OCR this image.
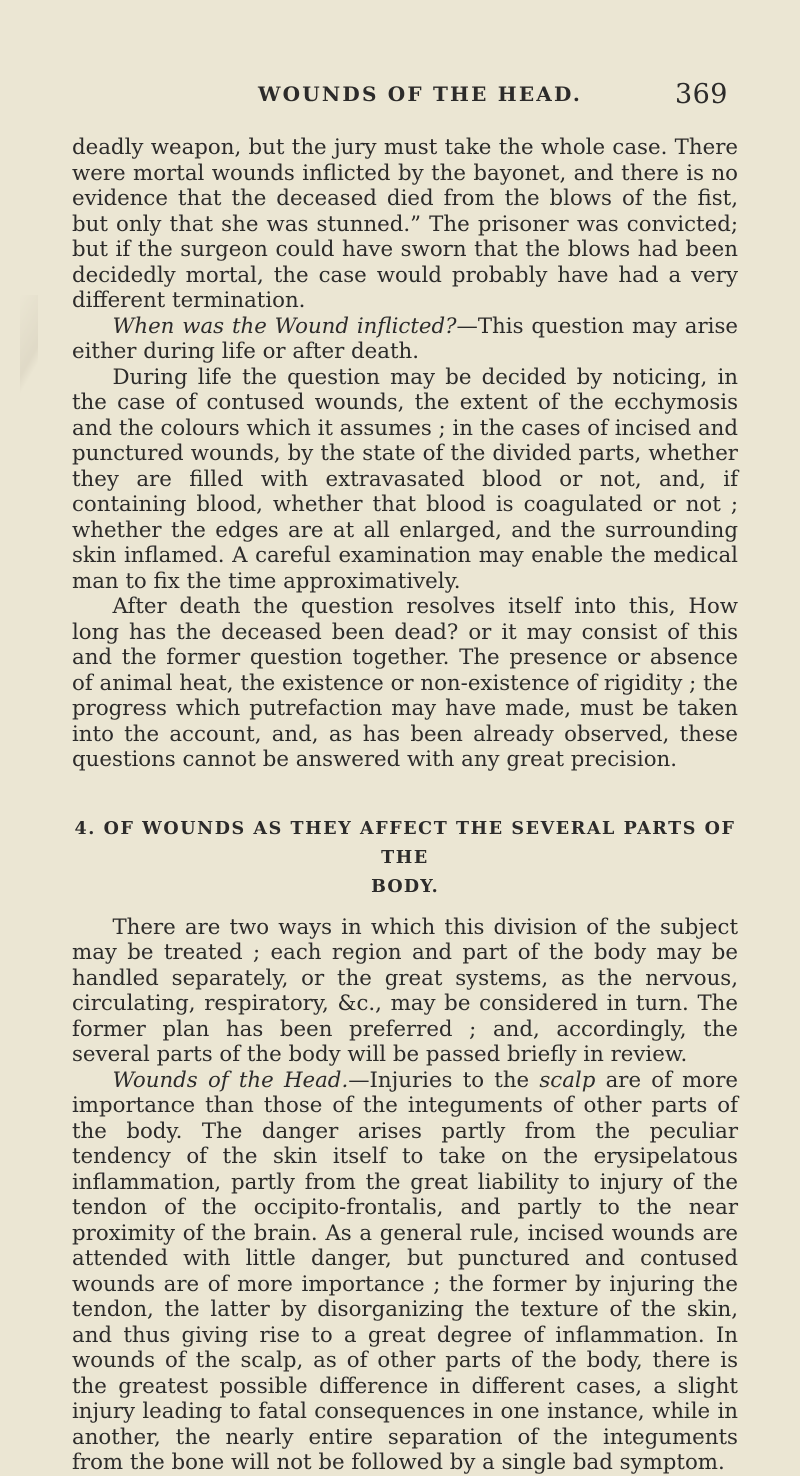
WOUNDS OF THE HEAD.	369

deadly weapon, but the jury must take the whole case. There were mortal wounds inflicted by the bayonet, and there is no evidence that the deceased died from the blows of the fist, but only that she was stunned.” The prisoner was convicted; but if the surgeon could have sworn that the blows had been decidedly mortal, the case would probably have had a very different termination.

When was the Wound inflicted?—This question may arise either during life or after death.

During life the question may be decided by noticing, in the case of contused wounds, the extent of the ecchymosis and the colours which it assumes ; in the cases of incised and punctured wounds, by the state of the divided parts, whether they are filled with extravasated blood or not, and, if containing blood, whether that blood is coagulated or not ; whether the edges are at all enlarged, and the surrounding skin inflamed. A careful examination may enable the medical man to fix the time approximatively.

After death the question resolves itself into this, How long has the deceased been dead? or it may consist of this and the former question together. The presence or absence of animal heat, the existence or non-existence of rigidity ; the progress which putrefaction may have made, must be taken into the account, and, as has been already observed, these questions cannot be answered with any great precision.

4. OF WOUNDS AS THEY AFFECT THE SEVERAL PARTS OF THE
BODY.

There are two ways in which this division of the subject may be treated ; each region and part of the body may be handled separately, or the great systems, as the nervous, circulating, respiratory, &c., may be considered in turn. The former plan has been preferred ; and, accordingly, the several parts of the body will be passed briefly in review.

Wounds of the Head.—Injuries to the scalp are of more importance than those of the integuments of other parts of the body. The danger arises partly from the peculiar tendency of the skin itself to take on the erysipelatous inflammation, partly from the great liability to injury of the tendon of the occipito-frontalis, and partly to the near proximity of the brain. As a general rule, incised wounds are attended with little danger, but punctured and contused wounds are of more importance ; the former by injuring the tendon, the latter by disorganizing the texture of the skin, and thus giving rise to a great degree of inflammation. In wounds of the scalp, as of other parts of the body, there is the greatest possible difference in different cases, a slight injury leading to fatal consequences in one instance, while in another, the nearly entire separation of the integuments from the bone will not be followed by a single bad symptom.
